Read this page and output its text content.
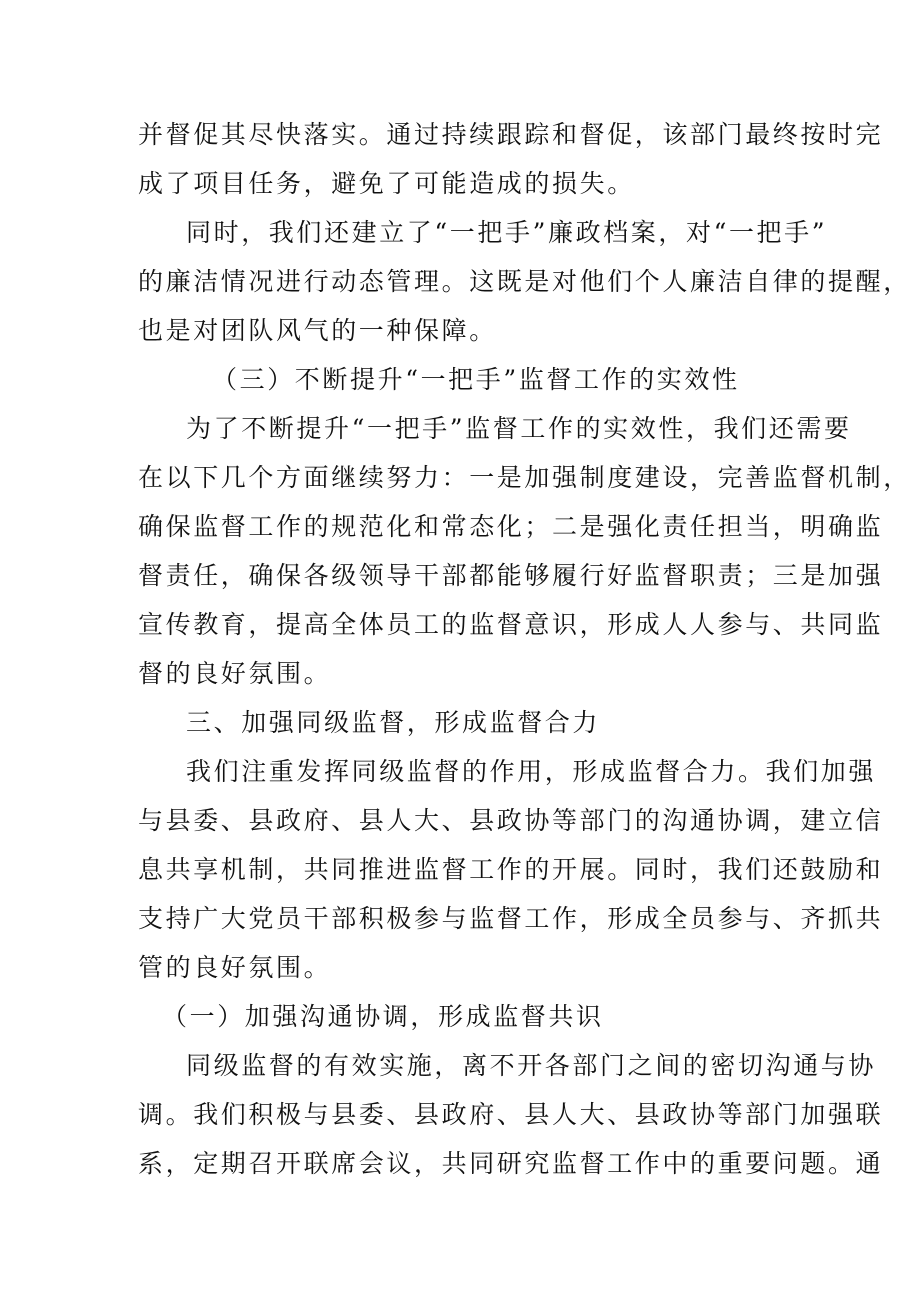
并督促其尽快落实。通过持续跟踪和督促，该部门最终按时完
成了项目任务，避免了可能造成的损失。
同时，我们还建立了“一把手”廉政档案，对“一把手”
的廉洁情况进行动态管理。这既是对他们个人廉洁自律的提醒，
也是对团队风气的一种保障。
（三）不断提升“一把手”监督工作的实效性
为了不断提升“一把手”监督工作的实效性，我们还需要
在以下几个方面继续努力：一是加强制度建设，完善监督机制，
确保监督工作的规范化和常态化；二是强化责任担当，明确监
督责任，确保各级领导干部都能够履行好监督职责；三是加强
宣传教育，提高全体员工的监督意识，形成人人参与、共同监
督的良好氛围。
三、加强同级监督，形成监督合力
我们注重发挥同级监督的作用，形成监督合力。我们加强
与县委、县政府、县人大、县政协等部门的沟通协调，建立信
息共享机制，共同推进监督工作的开展。同时，我们还鼓励和
支持广大党员干部积极参与监督工作，形成全员参与、齐抓共
管的良好氛围。
（一）加强沟通协调，形成监督共识
同级监督的有效实施，离不开各部门之间的密切沟通与协
调。我们积极与县委、县政府、县人大、县政协等部门加强联
系，定期召开联席会议，共同研究监督工作中的重要问题。通
